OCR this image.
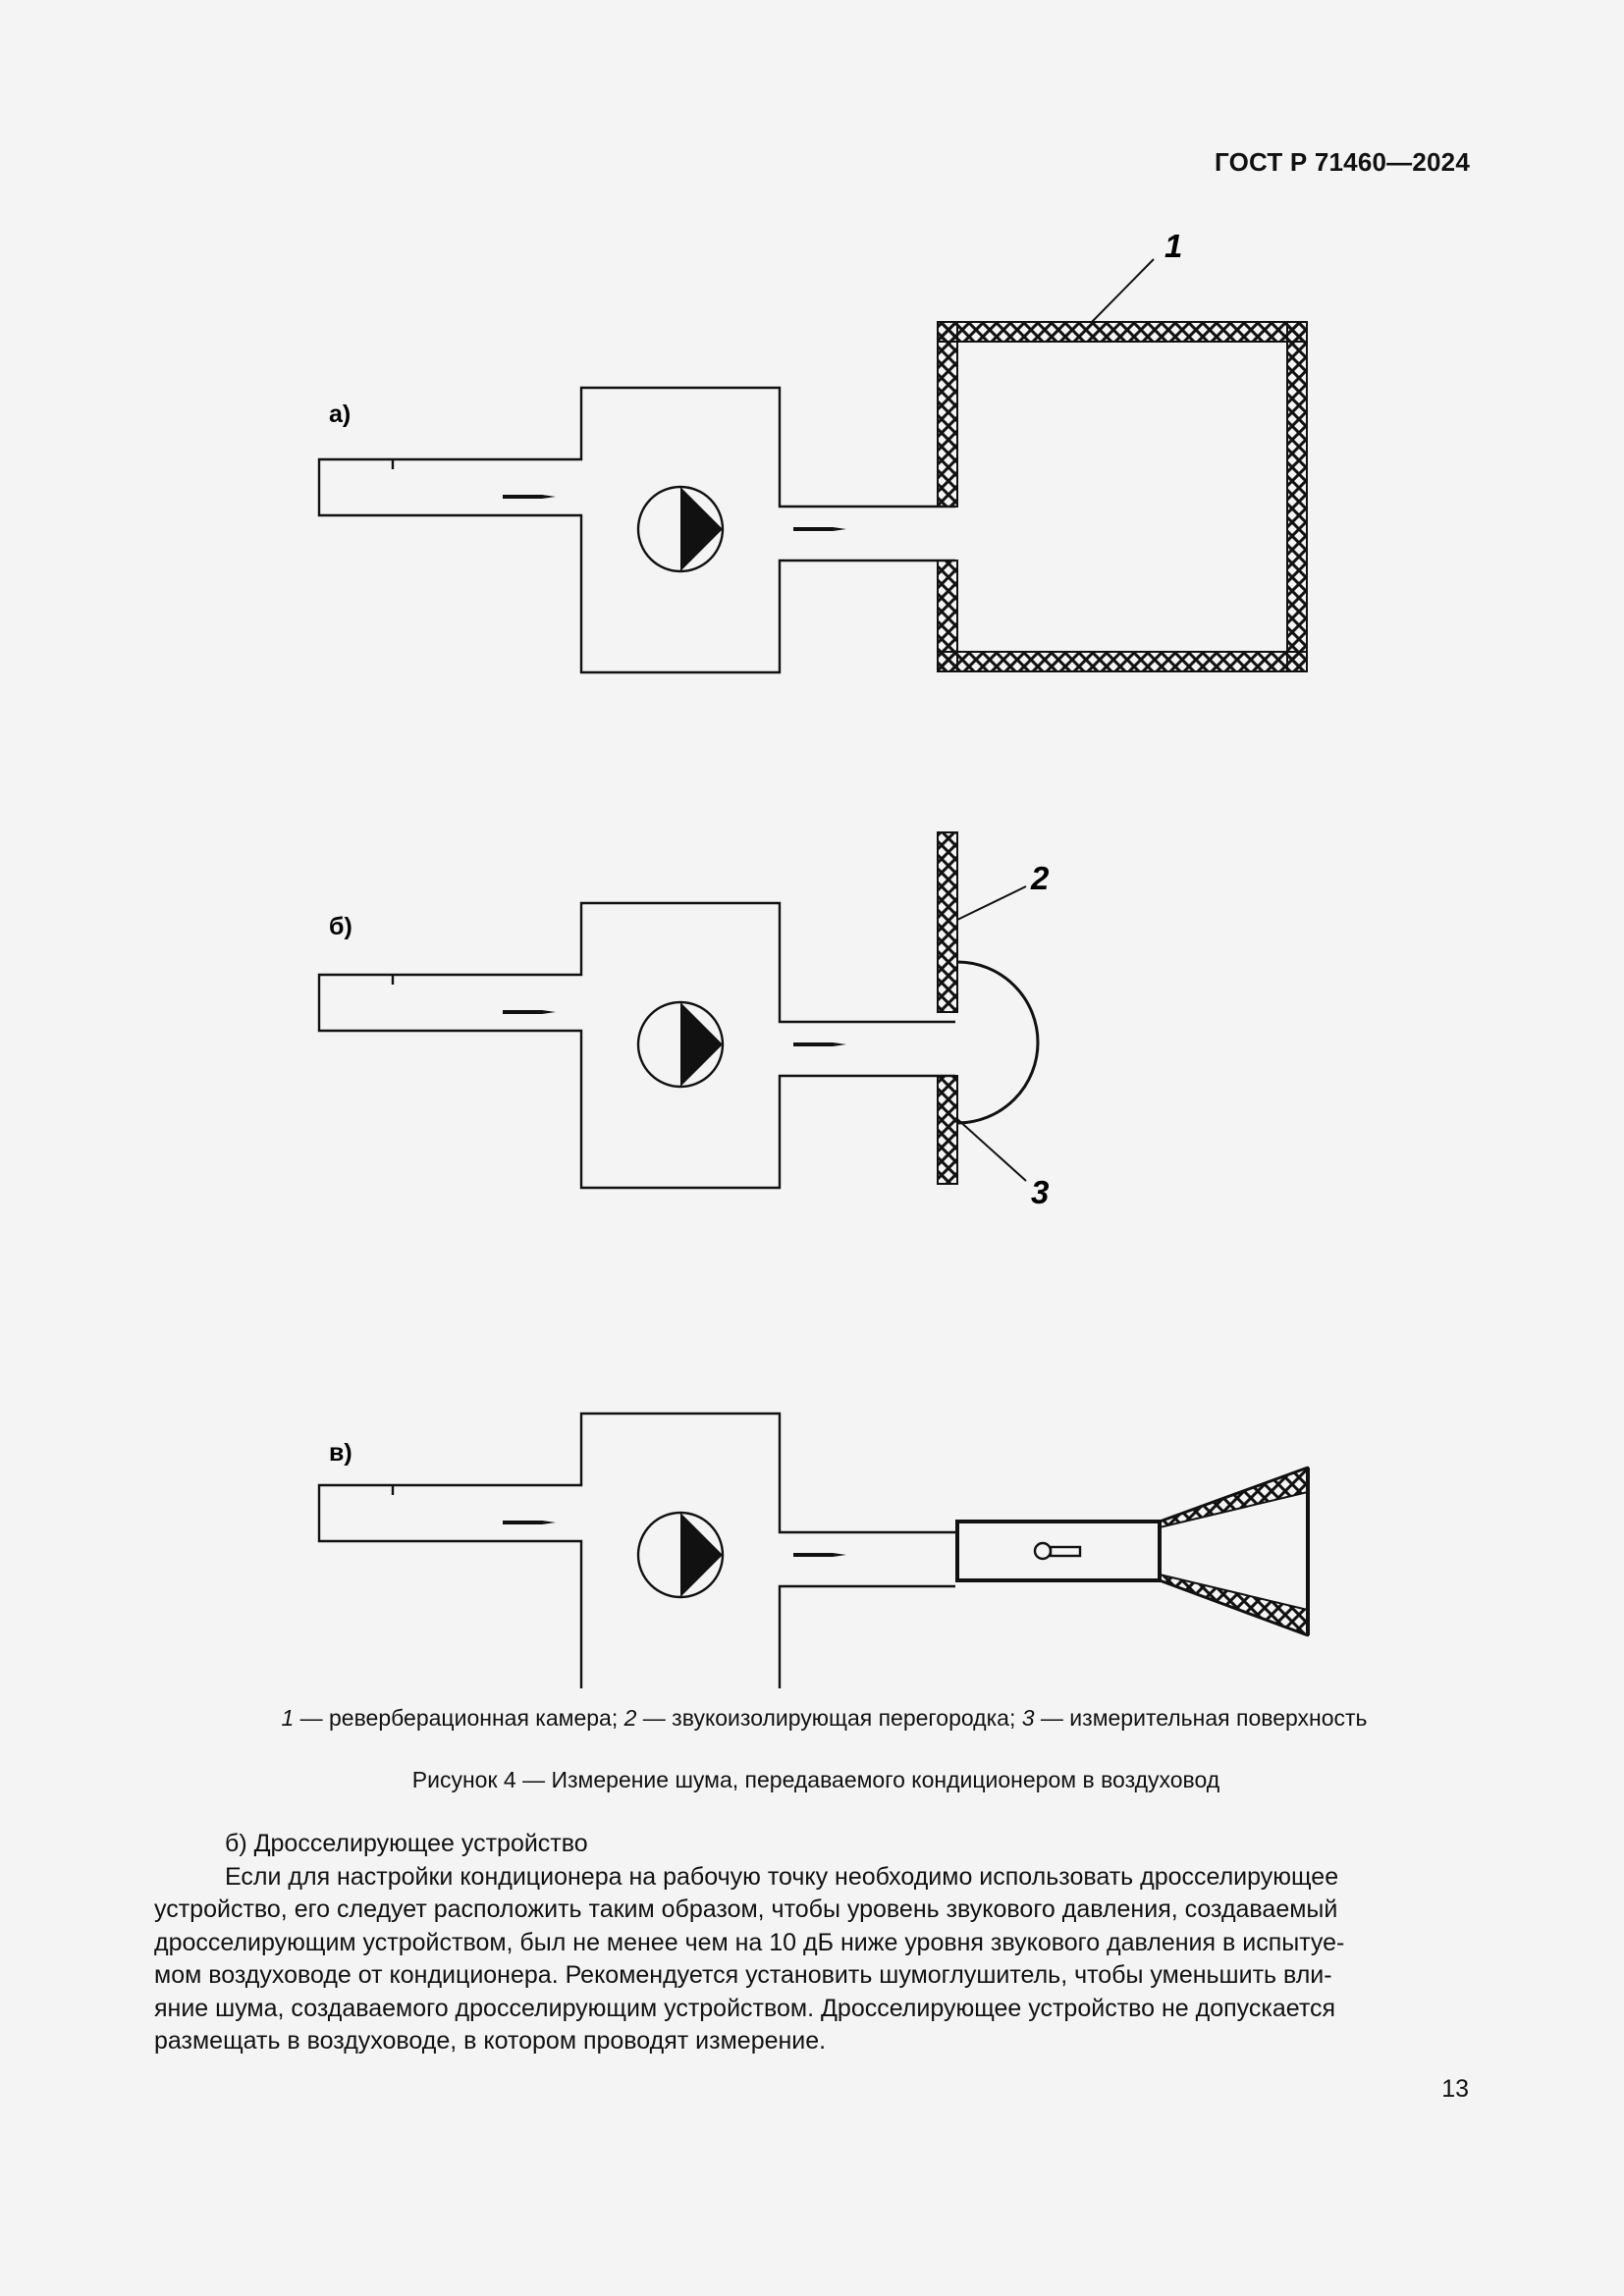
ГОСТ Р 71460—2024
1
а)
2
3
б)
в)
1 — реверберационная камера; 2 — звукоизолирующая перегородка; 3 — измерительная поверхность
Рисунок 4 — Измерение шума, передаваемого кондиционером в воздуховод

б) Дросселирующее устройство

Если для настройки кондиционера на рабочую точку необходимо использовать дросселирующее

устройство, его следует расположить таким образом, чтобы уровень звукового давления, создаваемый

дросселирующим устройством, был не менее чем на 10 дБ ниже уровня звукового давления в испытуе-

мом воздуховоде от кондиционера. Рекомендуется установить шумоглушитель, чтобы уменьшить вли-

яние шума, создаваемого дросселирующим устройством. Дросселирующее устройство не допускается

размещать в воздуховоде, в котором проводят измерение.

13
